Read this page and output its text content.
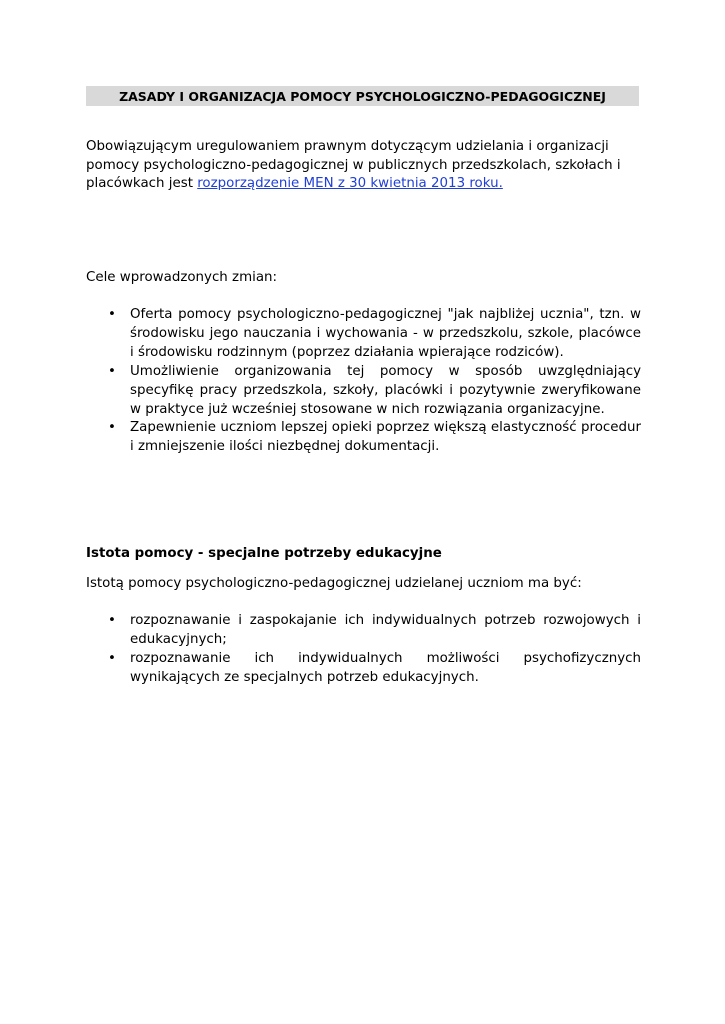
ZASADY I ORGANIZACJA POMOCY PSYCHOLOGICZNO-PEDAGOGICZNEJ

Obowiązującym uregulowaniem prawnym dotyczącym udzielania i organizacji pomocy psychologiczno-pedagogicznej w publicznych przedszkolach, szkołach i placówkach jest rozporządzenie MEN z 30 kwietnia 2013 roku.

Cele wprowadzonych zmian:
• Oferta pomocy psychologiczno-pedagogicznej "jak najbliżej ucznia", tzn. w środowisku jego nauczania i wychowania - w przedszkolu, szkole, placówce i środowisku rodzinnym (poprzez działania wpierające rodziców).
• Umożliwienie organizowania tej pomocy w sposób uwzględniający specyfikę pracy przedszkola, szkoły, placówki i pozytywnie zweryfikowane w praktyce już wcześniej stosowane w nich rozwiązania organizacyjne.
• Zapewnienie uczniom lepszej opieki poprzez większą elastyczność procedur i zmniejszenie ilości niezbędnej dokumentacji.
Istota pomocy - specjalne potrzeby edukacyjne
Istotą pomocy psychologiczno-pedagogicznej udzielanej uczniom ma być:
• rozpoznawanie i zaspokajanie ich indywidualnych potrzeb rozwojowych i edukacyjnych;
• rozpoznawanie ich indywidualnych możliwości psychofizycznych wynikających ze specjalnych potrzeb edukacyjnych.
